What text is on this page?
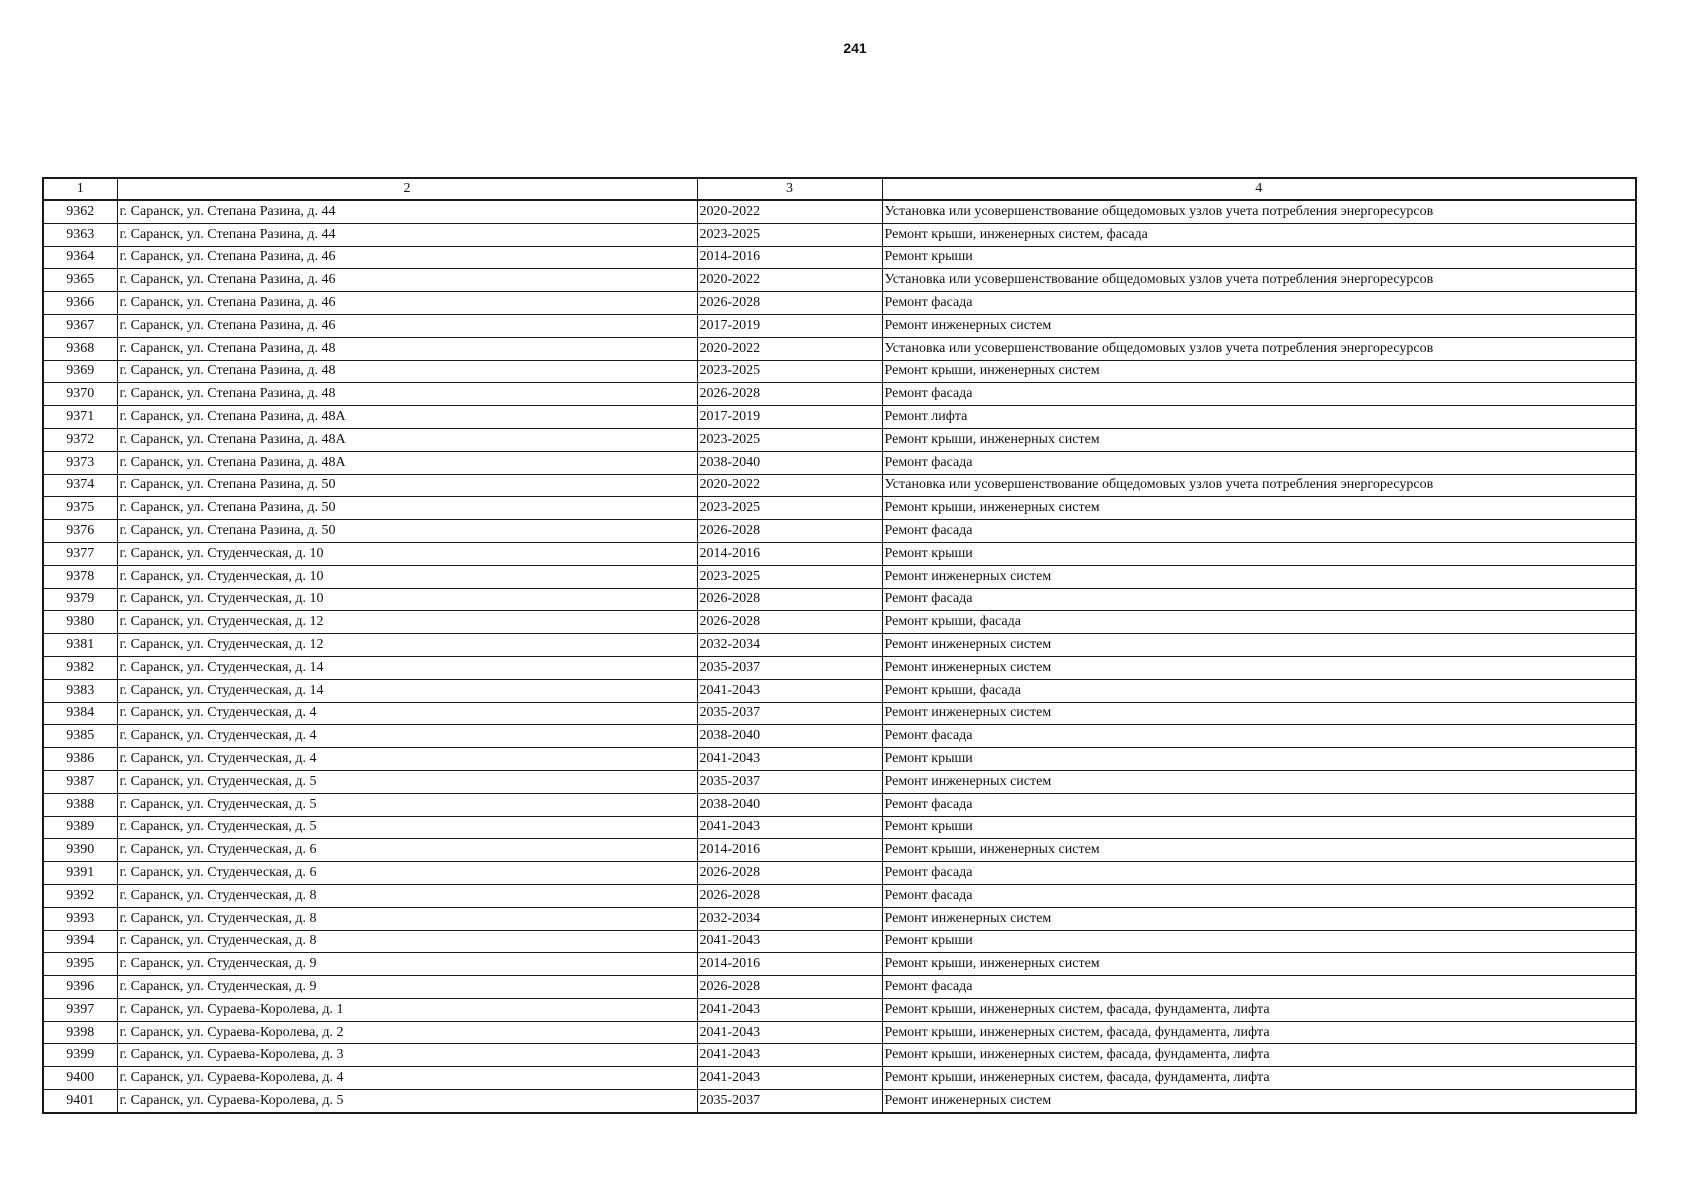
241
1	2	3	4
9362	г. Саранск, ул. Степана Разина, д. 44	2020-2022	Установка или усовершенствование общедомовых узлов учета потребления энергоресурсов
9363	г. Саранск, ул. Степана Разина, д. 44	2023-2025	Ремонт крыши, инженерных систем, фасада
9364	г. Саранск, ул. Степана Разина, д. 46	2014-2016	Ремонт крыши
9365	г. Саранск, ул. Степана Разина, д. 46	2020-2022	Установка или усовершенствование общедомовых узлов учета потребления энергоресурсов
9366	г. Саранск, ул. Степана Разина, д. 46	2026-2028	Ремонт фасада
9367	г. Саранск, ул. Степана Разина, д. 46	2017-2019	Ремонт инженерных систем
9368	г. Саранск, ул. Степана Разина, д. 48	2020-2022	Установка или усовершенствование общедомовых узлов учета потребления энергоресурсов
9369	г. Саранск, ул. Степана Разина, д. 48	2023-2025	Ремонт крыши, инженерных систем
9370	г. Саранск, ул. Степана Разина, д. 48	2026-2028	Ремонт фасада
9371	г. Саранск, ул. Степана Разина, д. 48А	2017-2019	Ремонт лифта
9372	г. Саранск, ул. Степана Разина, д. 48А	2023-2025	Ремонт крыши, инженерных систем
9373	г. Саранск, ул. Степана Разина, д. 48А	2038-2040	Ремонт фасада
9374	г. Саранск, ул. Степана Разина, д. 50	2020-2022	Установка или усовершенствование общедомовых узлов учета потребления энергоресурсов
9375	г. Саранск, ул. Степана Разина, д. 50	2023-2025	Ремонт крыши, инженерных систем
9376	г. Саранск, ул. Степана Разина, д. 50	2026-2028	Ремонт фасада
9377	г. Саранск, ул. Студенческая, д. 10	2014-2016	Ремонт крыши
9378	г. Саранск, ул. Студенческая, д. 10	2023-2025	Ремонт инженерных систем
9379	г. Саранск, ул. Студенческая, д. 10	2026-2028	Ремонт фасада
9380	г. Саранск, ул. Студенческая, д. 12	2026-2028	Ремонт крыши, фасада
9381	г. Саранск, ул. Студенческая, д. 12	2032-2034	Ремонт инженерных систем
9382	г. Саранск, ул. Студенческая, д. 14	2035-2037	Ремонт инженерных систем
9383	г. Саранск, ул. Студенческая, д. 14	2041-2043	Ремонт крыши, фасада
9384	г. Саранск, ул. Студенческая, д. 4	2035-2037	Ремонт инженерных систем
9385	г. Саранск, ул. Студенческая, д. 4	2038-2040	Ремонт фасада
9386	г. Саранск, ул. Студенческая, д. 4	2041-2043	Ремонт крыши
9387	г. Саранск, ул. Студенческая, д. 5	2035-2037	Ремонт инженерных систем
9388	г. Саранск, ул. Студенческая, д. 5	2038-2040	Ремонт фасада
9389	г. Саранск, ул. Студенческая, д. 5	2041-2043	Ремонт крыши
9390	г. Саранск, ул. Студенческая, д. 6	2014-2016	Ремонт крыши, инженерных систем
9391	г. Саранск, ул. Студенческая, д. 6	2026-2028	Ремонт фасада
9392	г. Саранск, ул. Студенческая, д. 8	2026-2028	Ремонт фасада
9393	г. Саранск, ул. Студенческая, д. 8	2032-2034	Ремонт инженерных систем
9394	г. Саранск, ул. Студенческая, д. 8	2041-2043	Ремонт крыши
9395	г. Саранск, ул. Студенческая, д. 9	2014-2016	Ремонт крыши, инженерных систем
9396	г. Саранск, ул. Студенческая, д. 9	2026-2028	Ремонт фасада
9397	г. Саранск, ул. Сураева-Королева, д. 1	2041-2043	Ремонт крыши, инженерных систем, фасада, фундамента, лифта
9398	г. Саранск, ул. Сураева-Королева, д. 2	2041-2043	Ремонт крыши, инженерных систем, фасада, фундамента, лифта
9399	г. Саранск, ул. Сураева-Королева, д. 3	2041-2043	Ремонт крыши, инженерных систем, фасада, фундамента, лифта
9400	г. Саранск, ул. Сураева-Королева, д. 4	2041-2043	Ремонт крыши, инженерных систем, фасада, фундамента, лифта
9401	г. Саранск, ул. Сураева-Королева, д. 5	2035-2037	Ремонт инженерных систем
